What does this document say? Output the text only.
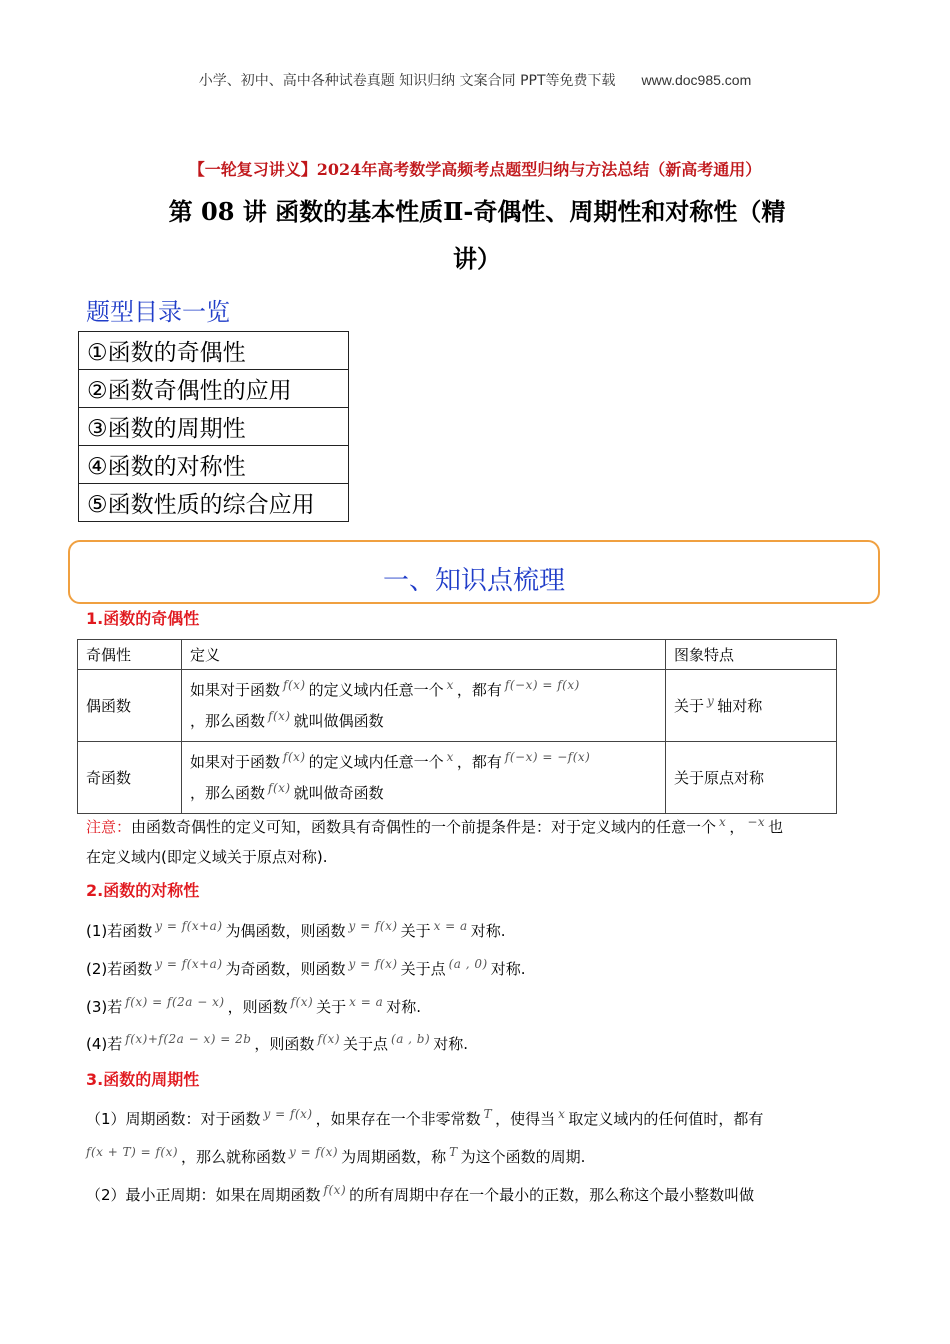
小学、初中、高中各种试卷真题 知识归纳 文案合同 PPT等免费下载 www.doc985.com
【一轮复习讲义】2024年高考数学高频考点题型归纳与方法总结（新高考通用）
第 08 讲 函数的基本性质Ⅱ-奇偶性、周期性和对称性（精
讲）
题型目录一览
①函数的奇偶性
②函数奇偶性的应用
③函数的周期性
④函数的对称性
⑤函数性质的综合应用
一、知识点梳理
1.函数的奇偶性
奇偶性	定义	图象特点
偶函数	如果对于函数 $^{f(x)}$ 的定义域内任意一个 $^x$ ，都有 $^{f(-x) = f(x)}$
，那么函数 $^{f(x)}$ 就叫做偶函数	关于 $^y$ 轴对称
奇函数	如果对于函数 $^{f(x)}$ 的定义域内任意一个 $^x$ ，都有 $^{f(-x) = -f(x)}$
，那么函数 $^{f(x)}$ 就叫做奇函数	关于原点对称
注意：由函数奇偶性的定义可知，函数具有奇偶性的一个前提条件是：对于定义域内的任意一个 $^x$ ， $^{-x}$ 也
在定义域内(即定义域关于原点对称).
2.函数的对称性
(1)若函数 $^{y = f(x+a)}$ 为偶函数，则函数 $^{y = f(x)}$ 关于 $^{x = a}$ 对称.
(2)若函数 $^{y = f(x+a)}$ 为奇函数，则函数 $^{y = f(x)}$ 关于点 $^{(a , 0)}$ 对称.
(3)若 $^{f(x) = f(2a - x)}$ ，则函数 $^{f(x)}$ 关于 $^{x = a}$ 对称.
(4)若 $^{f(x)+f(2a - x) = 2b}$ ，则函数 $^{f(x)}$ 关于点 $^{(a , b)}$ 对称.
3.函数的周期性
（1）周期函数：对于函数 $^{y = f(x)}$ ，如果存在一个非零常数 $^T$ ，使得当 $^x$ 取定义域内的任何值时，都有
$^{f(x + T) = f(x)}$ ，那么就称函数 $^{y = f(x)}$ 为周期函数，称 $^T$ 为这个函数的周期.
（2）最小正周期：如果在周期函数 $^{f(x)}$ 的所有周期中存在一个最小的正数，那么称这个最小整数叫做
